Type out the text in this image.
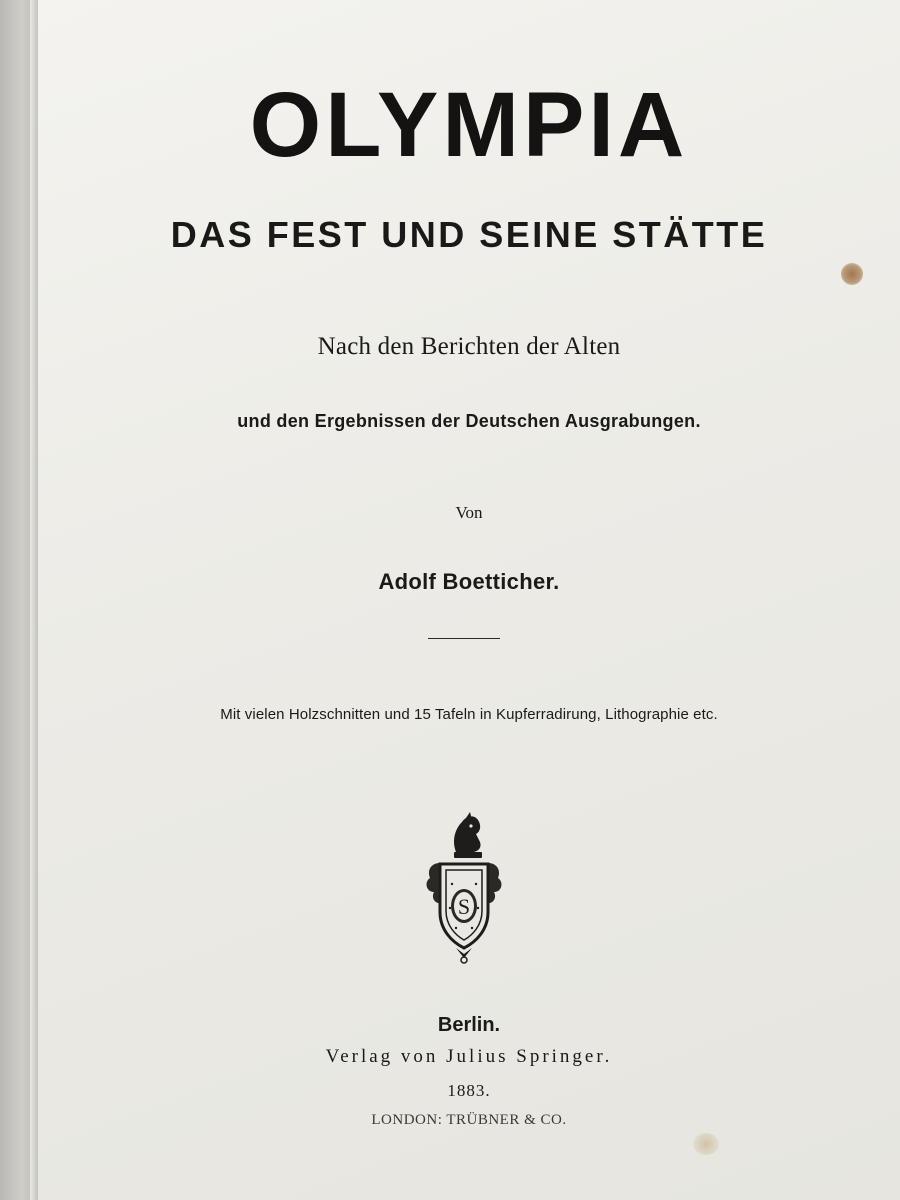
OLYMPIA
DAS FEST UND SEINE STÄTTE
Nach den Berichten der Alten
und den Ergebnissen der Deutschen Ausgrabungen.
Von
Adolf Boetticher.
Mit vielen Holzschnitten und 15 Tafeln in Kupferradirung, Lithographie etc.
S
Berlin.
Verlag von Julius Springer.
1883.
LONDON: TRÜBNER & CO.
